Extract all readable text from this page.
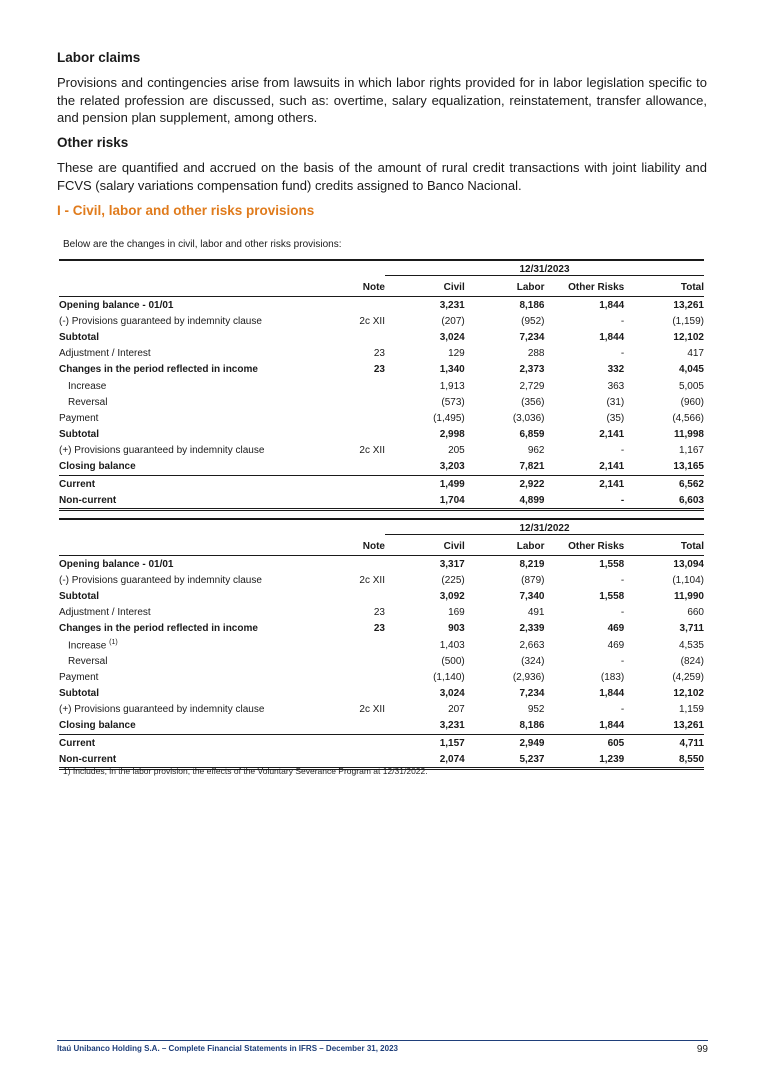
Labor claims

Provisions and contingencies arise from lawsuits in which labor rights provided for in labor legislation specific to the related profession are discussed, such as: overtime, salary equalization, reinstatement, transfer allowance, and pension plan supplement, among others.

Other risks

These are quantified and accrued on the basis of the amount of rural credit transactions with joint liability and FCVS (salary variations compensation fund) credits assigned to Banco Nacional.

I - Civil, labor and other risks provisions
Below are the changes in civil, labor and other risks provisions:

		12/31/2023			

	Note	Civil	Labor	Other Risks	Total
Opening balance - 01/01		3,231	8,186	1,844	13,261
(-) Provisions guaranteed by indemnity clause	2c XII	(207)	(952)	-	(1,159)
Subtotal		3,024	7,234	1,844	12,102
Adjustment / Interest	23	129	288	-	417
Changes in the period reflected in income	23	1,340	2,373	332	4,045
Increase		1,913	2,729	363	5,005
Reversal		(573)	(356)	(31)	(960)
Payment		(1,495)	(3,036)	(35)	(4,566)
Subtotal		2,998	6,859	2,141	11,998
(+) Provisions guaranteed by indemnity clause	2c XII	205	962	-	1,167
Closing balance		3,203	7,821	2,141	13,165
Current		1,499	2,922	2,141	6,562
Non-current		1,704	4,899	-	6,603

		12/31/2022			

	Note	Civil	Labor	Other Risks	Total
Opening balance - 01/01		3,317	8,219	1,558	13,094
(-) Provisions guaranteed by indemnity clause	2c XII	(225)	(879)	-	(1,104)
Subtotal		3,092	7,340	1,558	11,990
Adjustment / Interest	23	169	491	-	660
Changes in the period reflected in income	23	903	2,339	469	3,711
Increase $^{(1)}$		1,403	2,663	469	4,535
Reversal		(500)	(324)	-	(824)
Payment		(1,140)	(2,936)	(183)	(4,259)
Subtotal		3,024	7,234	1,844	12,102
(+) Provisions guaranteed by indemnity clause	2c XII	207	952	-	1,159
Closing balance		3,231	8,186	1,844	13,261
Current		1,157	2,949	605	4,711
Non-current		2,074	5,237	1,239	8,550
1) Includes, in the labor provision, the effects of the Voluntary Severance Program at 12/31/2022.
Itaú Unibanco Holding S.A. – Complete Financial Statements in IFRS – December 31, 2023	99
